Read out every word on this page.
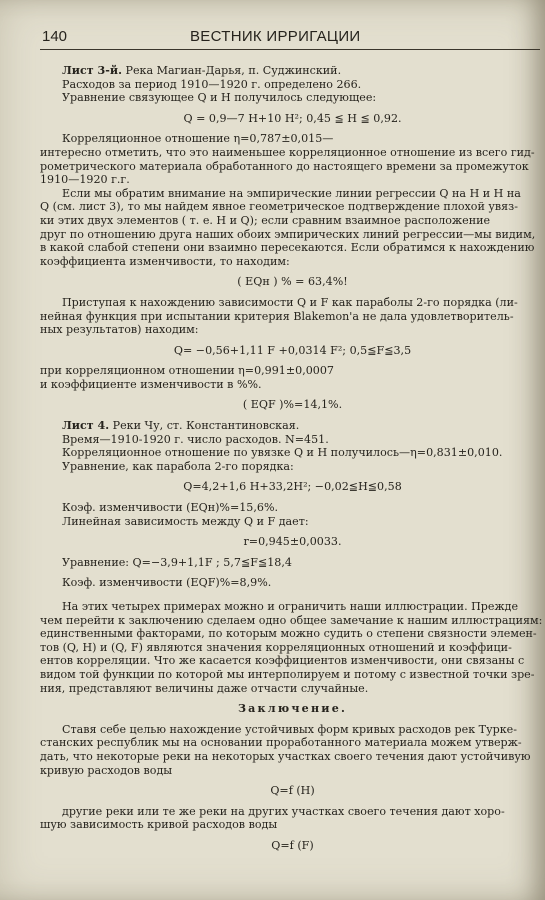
140	ВЕСТНИК ИРРИГАЦИИ

Лист 3-й. Река Магиан-Дарья, п. Суджинский.

Расходов за период 1910—1920 г. определено 266.

Уравнение связующее Q и H получилось следующее:

Q = 0,9—7 H+10 H²; 0,45 ≦ H ≦ 0,92.

Корреляционное отношение η=0,787±0,015—

интересно отметить, что это наименьшее корреляционное отношение из всего гид-

рометрического материала обработанного до настоящего времени за промежуток

1910—1920 г.г.

Если мы обратим внимание на эмпирические линии регрессии Q на H и H на

Q (см. лист 3), то мы найдем явное геометрическое подтверждение плохой увяз-

ки этих двух элементов ( т. е. H и Q); если сравним взаимное расположение

друг по отношению друга наших обоих эмпирических линий регрессии—мы видим,

в какой слабой степени они взаимно пересекаются. Если обратимся к нахождению

коэффициента изменчивости, то находим:

( EQн ) % = 63,4%!

Приступая к нахождению зависимости Q и F как параболы 2-го порядка (ли-

нейная функция при испытании критерия Blakemon'a не дала удовлетворитель-

ных результатов) находим:

Q= −0,56+1,11 F +0,0314 F²; 0,5≦F≦3,5

при корреляционном отношении η=0,991±0,0007

и коэффициенте изменчивости в %%.

( EQF )%=14,1%.

Лист 4. Реки Чу, ст. Константиновская.

Время—1910-1920 г. число расходов. N=451.

Корреляционное отношение по увязке Q и H получилось—η=0,831±0,010.

Уравнение, как парабола 2-го порядка:

Q=4,2+1,6 H+33,2H²; −0,02≦H≦0,58

Коэф. изменчивости (EQн)%=15,6%.

Линейная зависимость между Q и F дает:

r=0,945±0,0033.

Уравнение: Q=−3,9+1,1F ; 5,7≦F≦18,4

Коэф. изменчивости (EQF)%=8,9%.

На этих четырех примерах можно и ограничить наши иллюстрации. Прежде

чем перейти к заключению сделаем одно общее замечание к нашим иллюстрациям:

единственными факторами, по которым можно судить о степени связности элемен-

тов (Q, H) и (Q, F) являются значения корреляционных отношений и коэффици-

ентов корреляции. Что же касается коэффициентов изменчивости, они связаны с

видом той функции по которой мы интерполируем и потому с известной точки зре-

ния, представляют величины даже отчасти случайные.

Заключение.

Ставя себе целью нахождение устойчивых форм кривых расходов рек Турке-

станских республик мы на основании проработанного материала можем утверж-

дать, что некоторые реки на некоторых участках своего течения дают устойчивую

кривую расходов воды

Q=f (H)

другие реки или те же реки на других участках своего течения дают хоро-

шую зависимость кривой расходов воды

Q=f (F)
